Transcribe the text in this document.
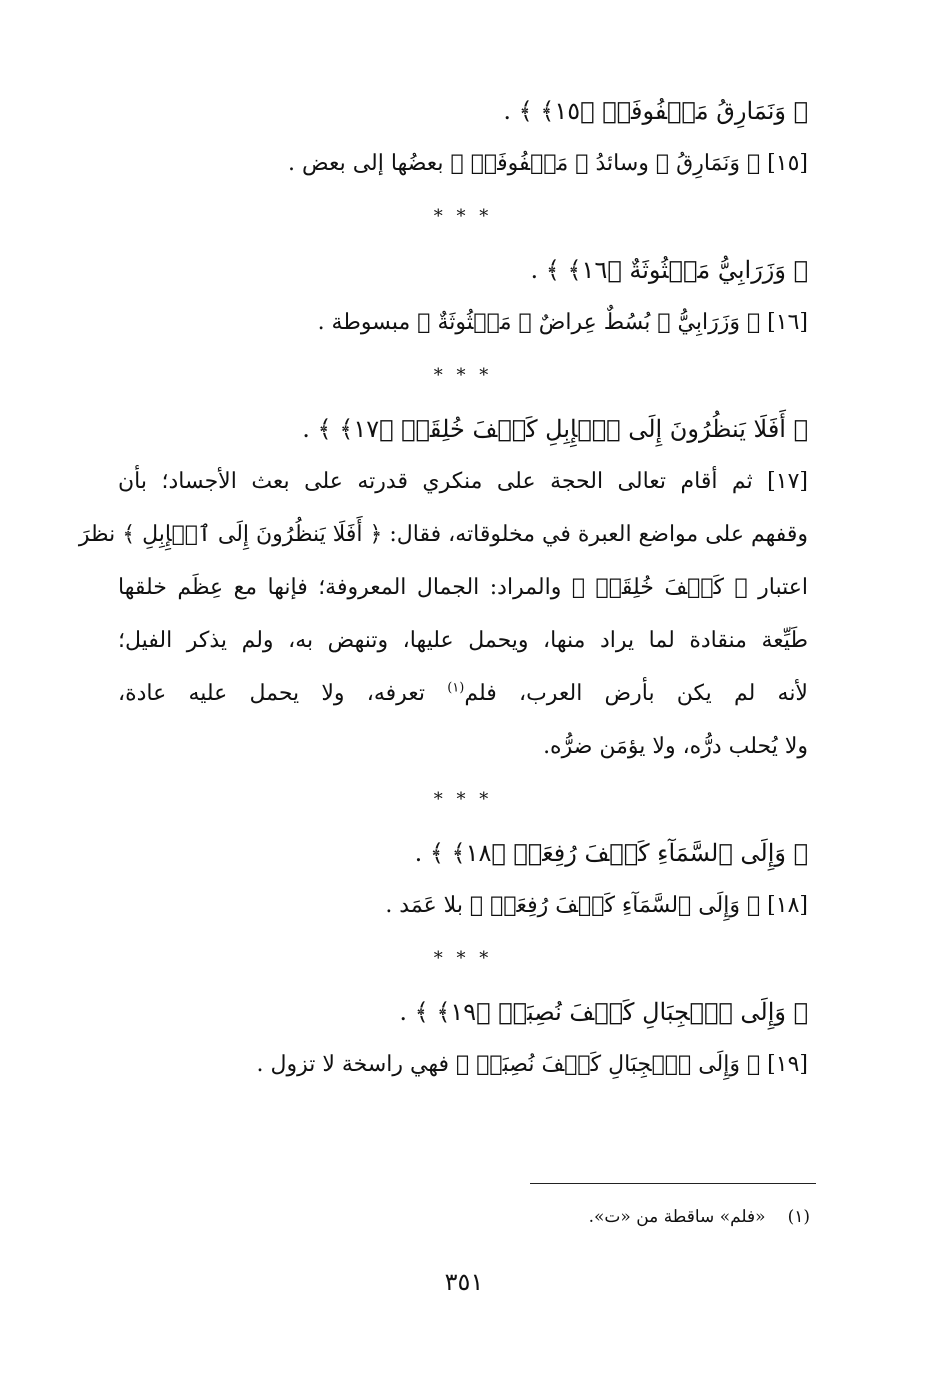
﴿ وَنَمَارِقُ مَصۡفُوفَةٞ ﴿١٥﴾ ﴾ .
[١٥] ﴿ وَنَمَارِقُ ﴾ وسائدُ ﴿ مَصۡفُوفَةٞ ﴾ بعضُها إلى بعض .
* * *
﴿ وَزَرَابِيُّ مَبۡثُوثَةٌ ﴿١٦﴾ ﴾ .
[١٦] ﴿ وَزَرَابِيُّ ﴾ بُسُطٌ عِراضٌ ﴿ مَبۡثُوثَةٌ ﴾ مبسوطة .
* * *
﴿ أَفَلَا يَنظُرُونَ إِلَى ٱلۡإِبِلِ كَيۡفَ خُلِقَتۡ ﴿١٧﴾ ﴾ .
[١٧] ثم أقام تعالى الحجة على منكري قدرته على بعث الأجساد؛ بأن
وقفهم على مواضع العبرة في مخلوقاته، فقال: ﴿ أَفَلَا يَنظُرُونَ إِلَى ٱلۡإِبِلِ ﴾ نظرَ
اعتبار ﴿ كَيۡفَ خُلِقَتۡ ﴾ والمراد: الجمال المعروفة؛ فإنها مع عِظَم خلقها
طَيِّعة منقادة لما يراد منها، ويحمل عليها، وتنهض به، ولم يذكر الفيل؛
لأنه لم يكن بأرض العرب، فلم$^{(١)}$ تعرفه، ولا يحمل عليه عادة،
ولا يُحلب درُّه، ولا يؤمَن ضرُّه.
* * *
﴿ وَإِلَى ٱلسَّمَآءِ كَيۡفَ رُفِعَتۡ ﴿١٨﴾ ﴾ .
[١٨] ﴿ وَإِلَى ٱلسَّمَآءِ كَيۡفَ رُفِعَتۡ ﴾ بلا عَمَد .
* * *
﴿ وَإِلَى ٱلۡجِبَالِ كَيۡفَ نُصِبَتۡ ﴿١٩﴾ ﴾ .
[١٩] ﴿ وَإِلَى ٱلۡجِبَالِ كَيۡفَ نُصِبَتۡ ﴾ فهي راسخة لا تزول .
(١)«فلم» ساقطة من «ت».
٣٥١
